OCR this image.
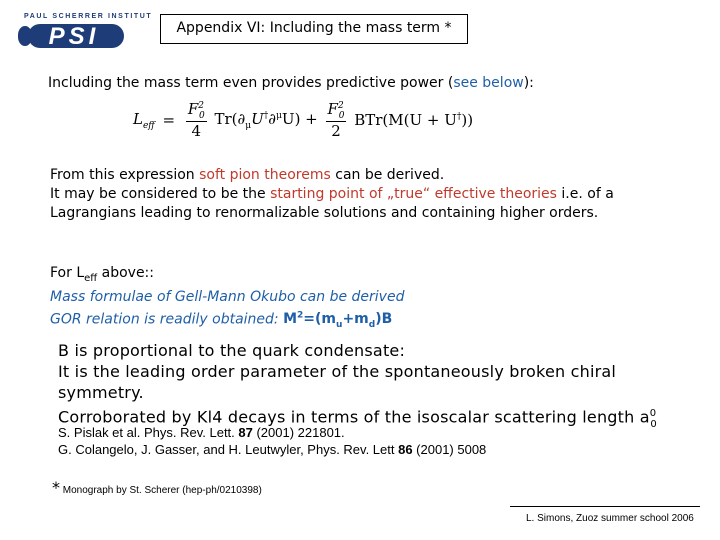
PAUL SCHERRER INSTITUT
PSI	Appendix VI: Including the mass term *
Including the mass term even provides predictive power (see below):
$L_{eff} = \frac{F^2_0}{4} Tr(\partial_\mu U^\dagger\partial^\mu U) + \frac{F^2_0}{2} BTr(M(U + U^\dagger))$
From this expression soft pion theorems can be derived.
It may be considered to be the starting point of „true“ effective theories i.e. of a
Lagrangians leading to renormalizable solutions and containing higher orders.
For $L_{eff}$ above::
Mass formulae of Gell-Mann Okubo can be derived
GOR relation is readily obtained: $M^2=(m_u+m_d)B$
B is proportional to the quark condensate:
It is the leading order parameter of the spontaneously broken chiral
symmetry.
Corroborated by Kl4 decays in terms of the isoscalar scattering length $a^0_0$
S. Pislak et al. Phys. Rev. Lett. 87 (2001) 221801.
G. Colangelo, J. Gasser, and H. Leutwyler, Phys. Rev. Lett 86 (2001) 5008
* Monograph by St. Scherer (hep-ph/0210398)
L. Simons, Zuoz summer school 2006
